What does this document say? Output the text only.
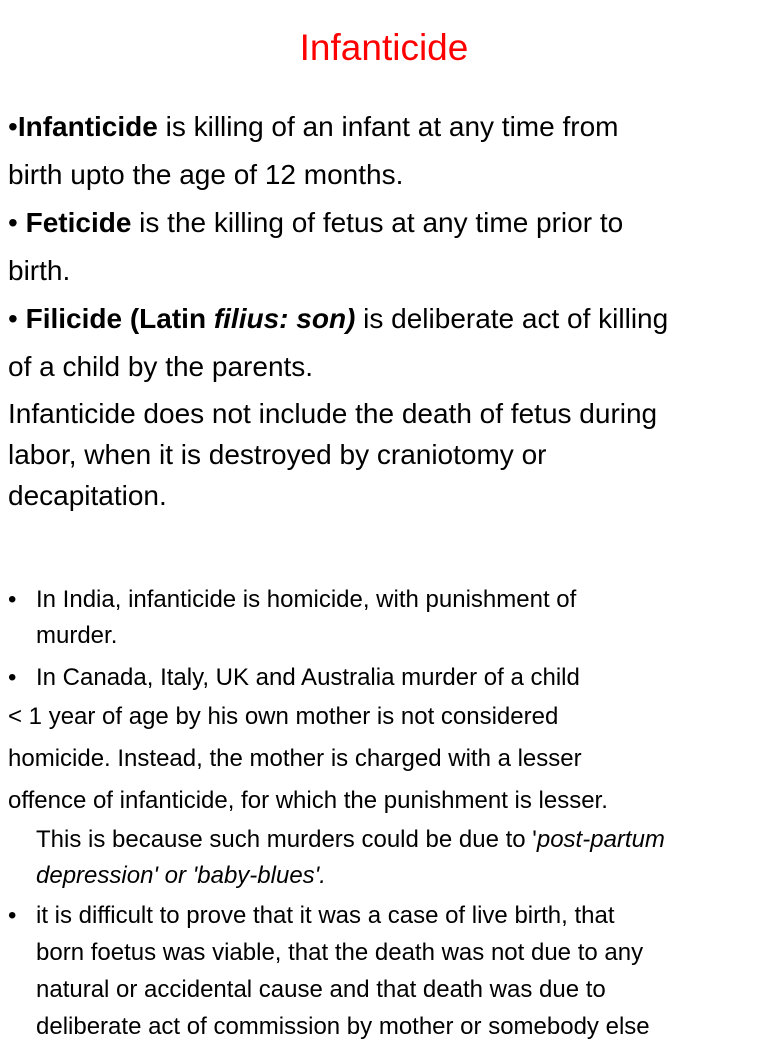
Infanticide

•Infanticide is killing of an infant at any time from
birth upto the age of 12 months.

• Feticide is the killing of fetus at any time prior to
birth.

• Filicide (Latin filius: son) is deliberate act of killing
of a child by the parents.

Infanticide does not include the death of fetus during
labor, when it is destroyed by craniotomy or
decapitation.

• In India, infanticide is homicide, with punishment of
murder.
• In Canada, Italy, UK and Australia murder of a child
< 1 year of age by his own mother is not considered
homicide. Instead, the mother is charged with a lesser
offence of infanticide, for which the punishment is lesser.
This is because such murders could be due to 'post-partum
depression' or 'baby-blues'.
• it is difficult to prove that it was a case of live birth, that
born foetus was viable, that the death was not due to any
natural or accidental cause and that death was due to
deliberate act of commission by mother or somebody else
